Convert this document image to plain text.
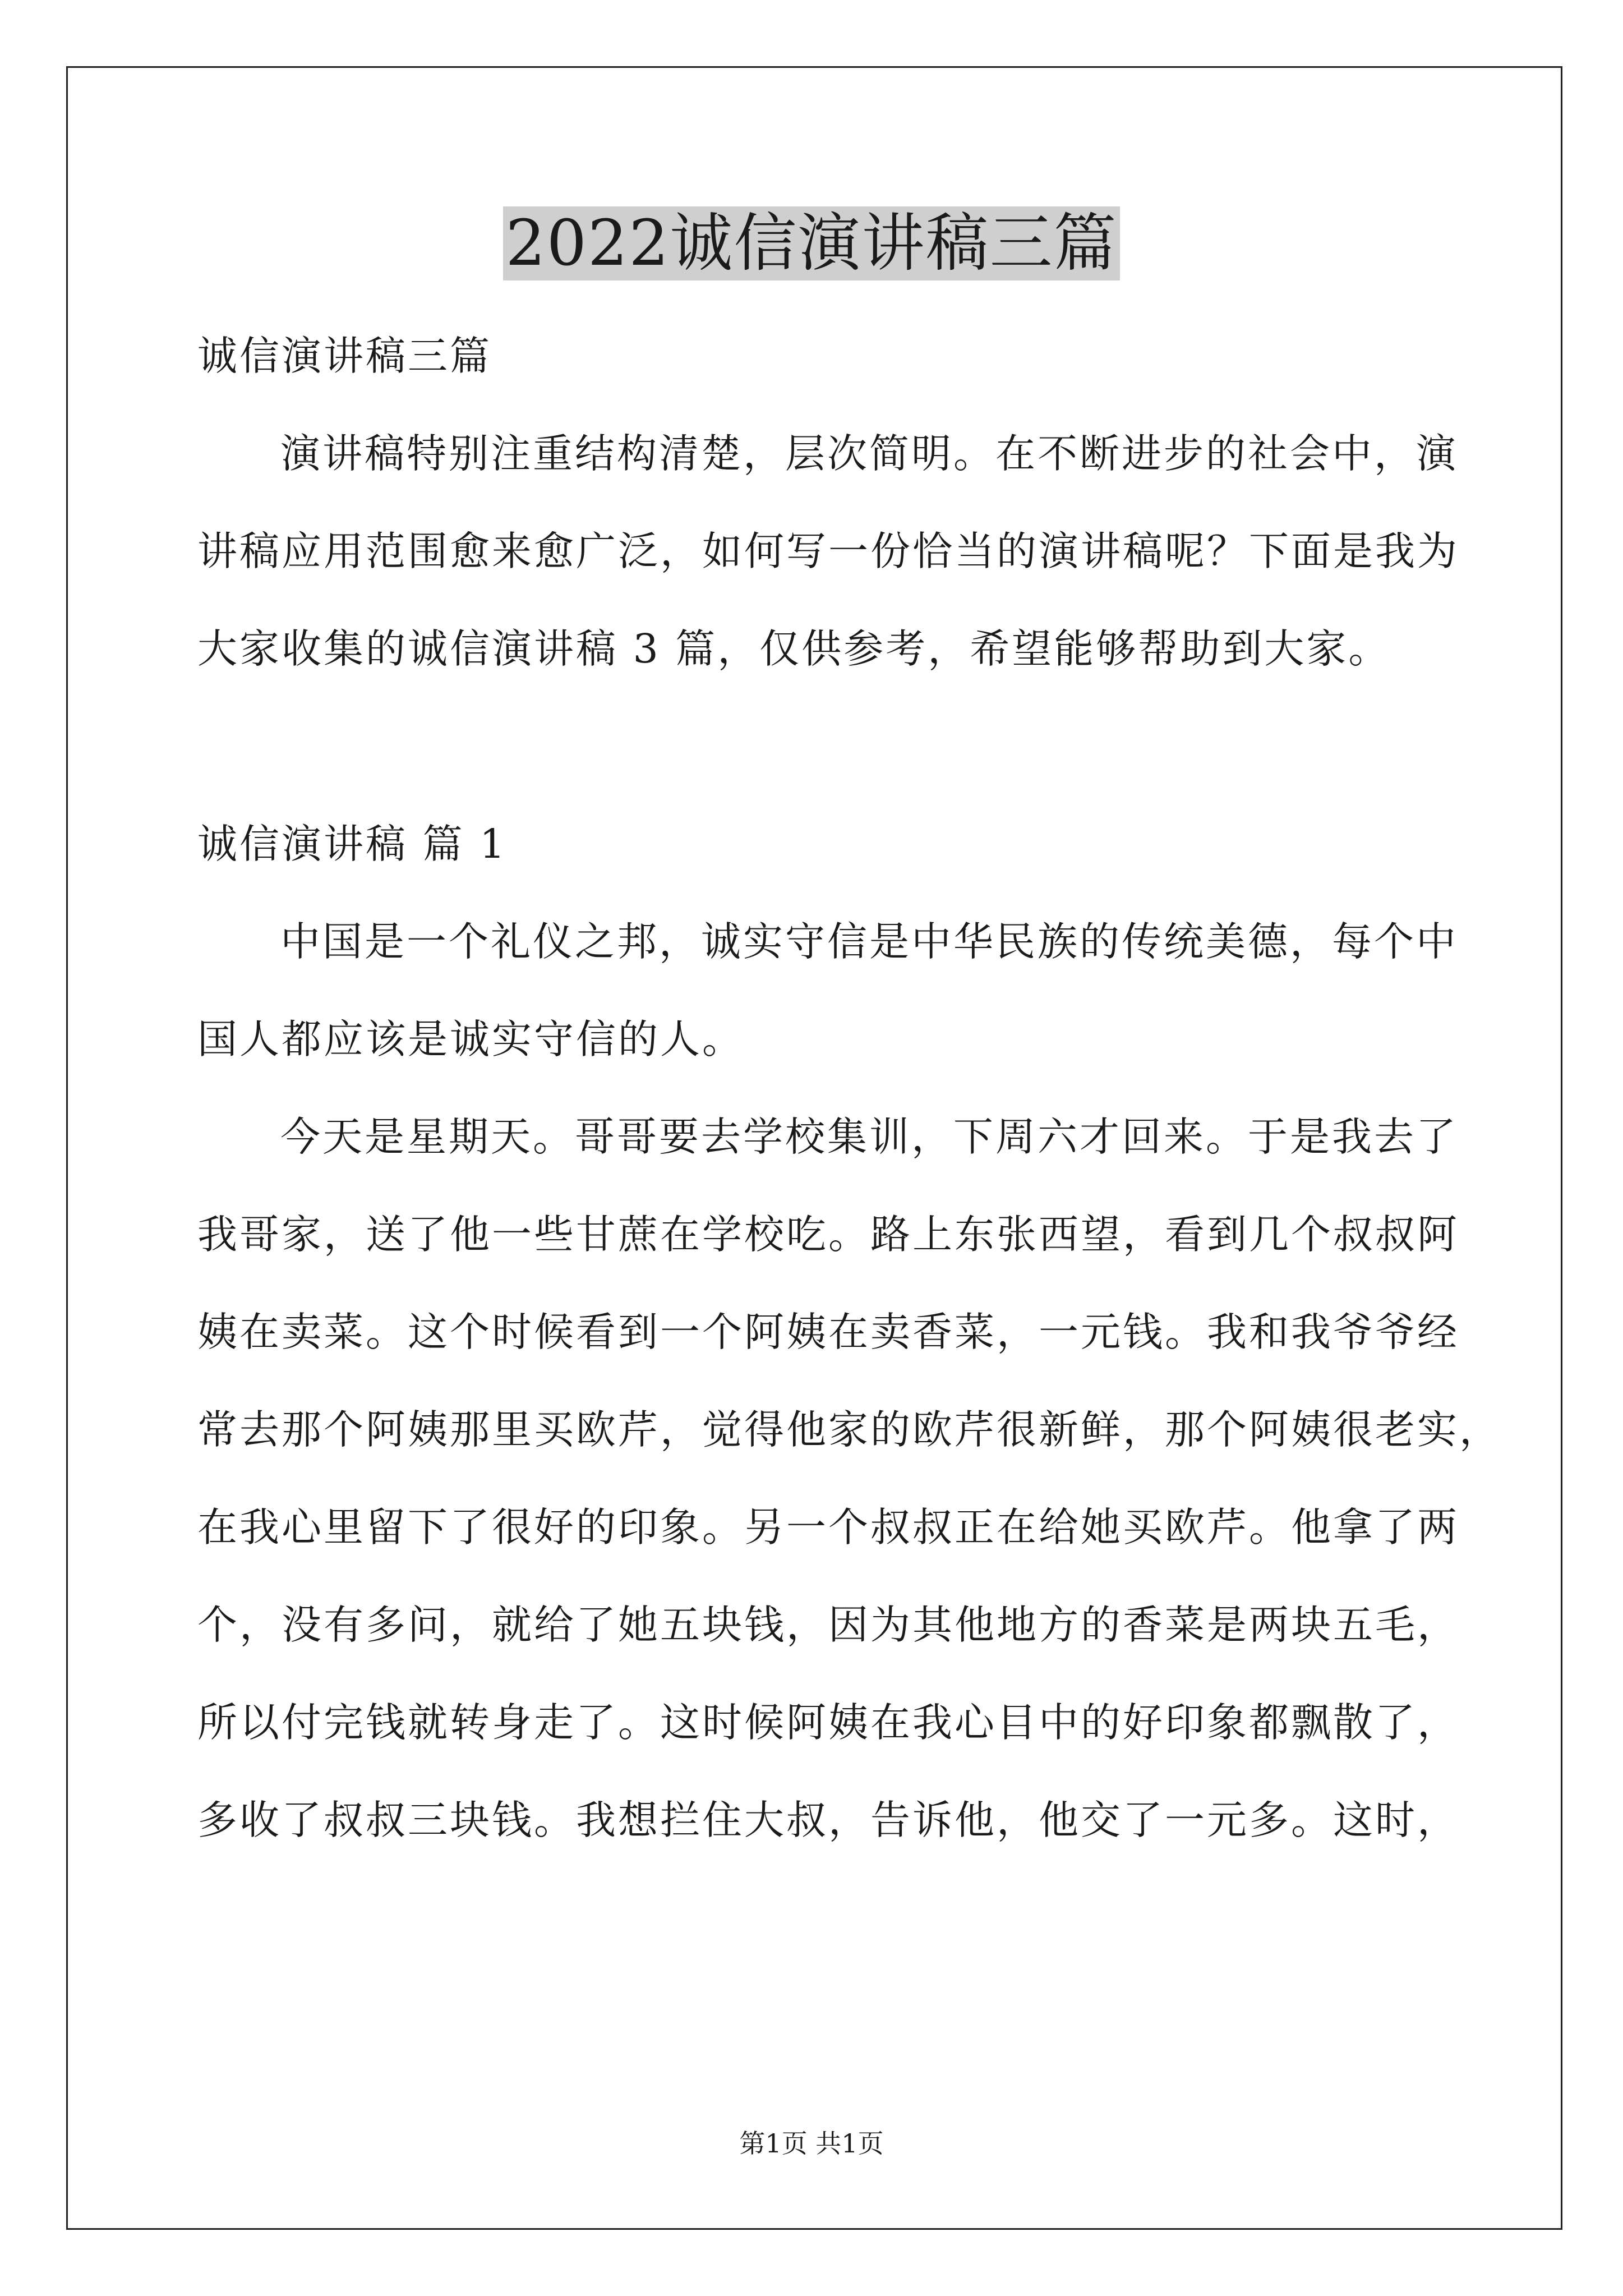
2022诚信演讲稿三篇

诚信演讲稿三篇

演讲稿特别注重结构清楚，层次简明。在不断进步的社会中，演

讲稿应用范围愈来愈广泛，如何写一份恰当的演讲稿呢？下面是我为

大家收集的诚信演讲稿 3 篇，仅供参考，希望能够帮助到大家。

诚信演讲稿 篇 1

中国是一个礼仪之邦，诚实守信是中华民族的传统美德，每个中

国人都应该是诚实守信的人。

今天是星期天。哥哥要去学校集训，下周六才回来。于是我去了

我哥家，送了他一些甘蔗在学校吃。路上东张西望，看到几个叔叔阿

姨在卖菜。这个时候看到一个阿姨在卖香菜，一元钱。我和我爷爷经

常去那个阿姨那里买欧芹，觉得他家的欧芹很新鲜，那个阿姨很老实，

在我心里留下了很好的印象。另一个叔叔正在给她买欧芹。他拿了两

个，没有多问，就给了她五块钱，因为其他地方的香菜是两块五毛，

所以付完钱就转身走了。这时候阿姨在我心目中的好印象都飘散了，

多收了叔叔三块钱。我想拦住大叔，告诉他，他交了一元多。这时，

第1页 共1页
